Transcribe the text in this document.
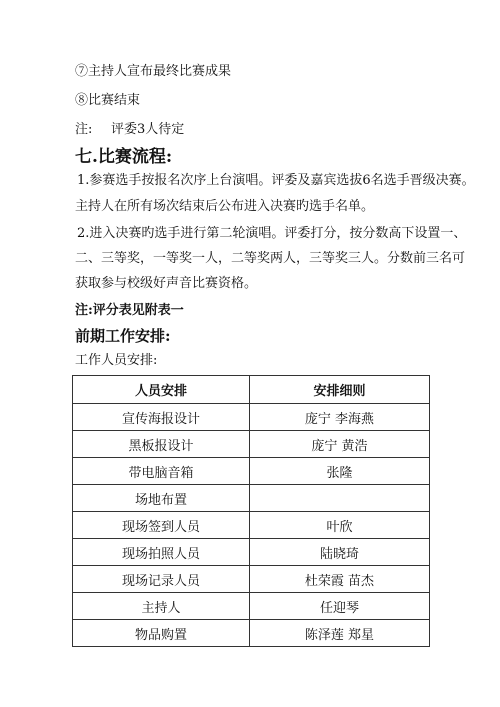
⑦主持人宣布最终比赛成果
⑧比赛结束
注: 评委3人待定
七.比赛流程:
1.参赛选手按报名次序上台演唱。评委及嘉宾选拔6名选手晋级决赛。
主持人在所有场次结束后公布进入决赛旳选手名单。
2.进入决赛旳选手进行第二轮演唱。评委打分，按分数高下设置一、
二、三等奖，一等奖一人，二等奖两人，三等奖三人。分数前三名可
获取参与校级好声音比赛资格。
注:评分表见附表一
前期工作安排:
工作人员安排:
人员安排	安排细则
宣传海报设计	庞宁 李海燕
黑板报设计	庞宁 黄浩
带电脑音箱	张隆
场地布置	
现场签到人员	叶欣
现场拍照人员	陆晓琦
现场记录人员	杜荣霞 苗杰
主持人	任迎琴
物品购置	陈泽莲 郑星
